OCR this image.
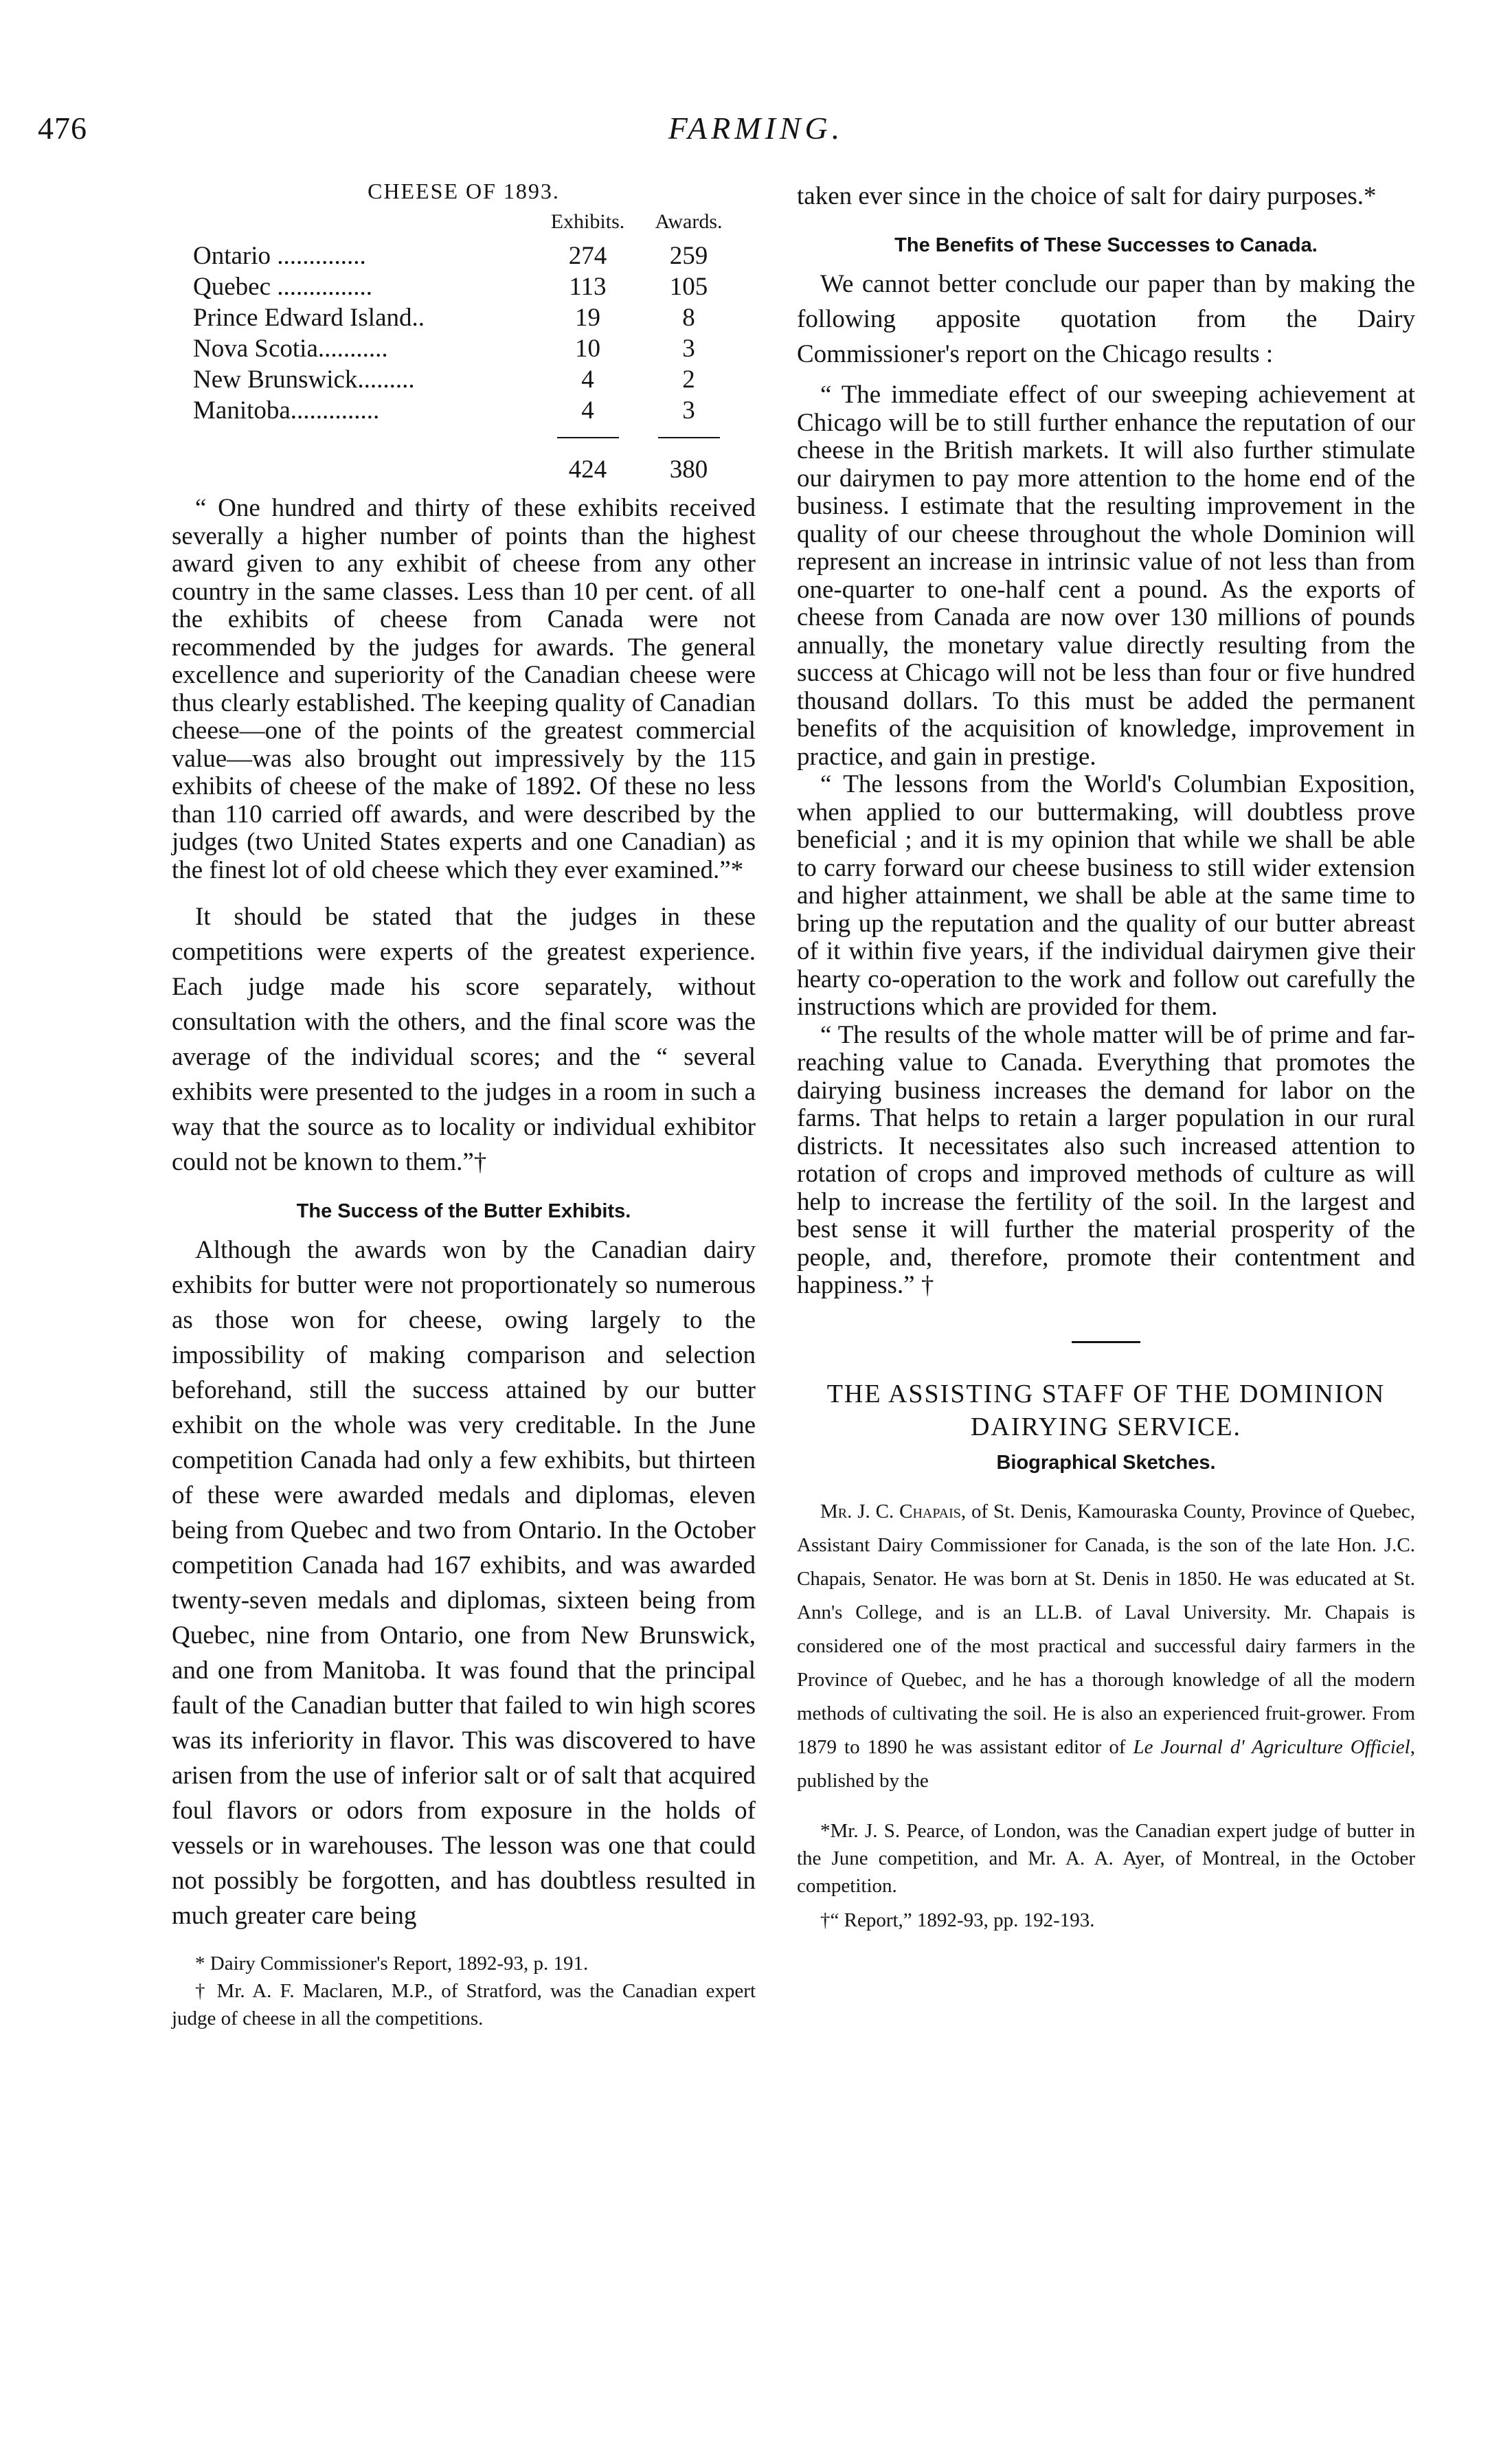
476	FARMING.
CHEESE OF 1893.
	Exhibits.	Awards.
Ontario ..............	274	259
Quebec ...............	113	105
Prince Edward Island..	19	8
Nova Scotia...........	10	3
New Brunswick.........	4	2
Manitoba..............	4	3

	424	380

“ One hundred and thirty of these exhibits received severally a higher number of points than the highest award given to any exhibit of cheese from any other country in the same classes. Less than 10 per cent. of all the exhibits of cheese from Canada were not recommended by the judges for awards. The general excellence and superiority of the Canadian cheese were thus clearly established. The keeping quality of Canadian cheese—one of the points of the greatest commercial value—was also brought out impressively by the 115 exhibits of cheese of the make of 1892. Of these no less than 110 carried off awards, and were described by the judges (two United States experts and one Canadian) as the finest lot of old cheese which they ever examined.”*

It should be stated that the judges in these competitions were experts of the greatest experience. Each judge made his score separately, without consultation with the others, and the final score was the average of the individual scores; and the “ several exhibits were presented to the judges in a room in such a way that the source as to locality or individual exhibitor could not be known to them.”†

The Success of the Butter Exhibits.

Although the awards won by the Canadian dairy exhibits for butter were not proportionately so numerous as those won for cheese, owing largely to the impossibility of making comparison and selection beforehand, still the success attained by our butter exhibit on the whole was very creditable. In the June competition Canada had only a few exhibits, but thirteen of these were awarded medals and diplomas, eleven being from Quebec and two from Ontario. In the October competition Canada had 167 exhibits, and was awarded twenty-seven medals and diplomas, sixteen being from Quebec, nine from Ontario, one from New Brunswick, and one from Manitoba. It was found that the principal fault of the Canadian butter that failed to win high scores was its inferiority in flavor. This was discovered to have arisen from the use of inferior salt or of salt that acquired foul flavors or odors from exposure in the holds of vessels or in warehouses. The lesson was one that could not possibly be forgotten, and has doubtless resulted in much greater care being

* Dairy Commissioner's Report, 1892-93, p. 191.

† Mr. A. F. Maclaren, M.P., of Stratford, was the Canadian expert judge of cheese in all the competitions.

taken ever since in the choice of salt for dairy purposes.*

The Benefits of These Successes to Canada.

We cannot better conclude our paper than by making the following apposite quotation from the Dairy Commissioner's report on the Chicago results :

“ The immediate effect of our sweeping achievement at Chicago will be to still further enhance the reputation of our cheese in the British markets. It will also further stimulate our dairymen to pay more attention to the home end of the business. I estimate that the resulting improvement in the quality of our cheese throughout the whole Dominion will represent an increase in intrinsic value of not less than from one-quarter to one-half cent a pound. As the exports of cheese from Canada are now over 130 millions of pounds annually, the monetary value directly resulting from the success at Chicago will not be less than four or five hundred thousand dollars. To this must be added the permanent benefits of the acquisition of knowledge, improvement in practice, and gain in prestige.

“ The lessons from the World's Columbian Exposition, when applied to our buttermaking, will doubtless prove beneficial ; and it is my opinion that while we shall be able to carry forward our cheese business to still wider extension and higher attainment, we shall be able at the same time to bring up the reputation and the quality of our butter abreast of it within five years, if the individual dairymen give their hearty co-operation to the work and follow out carefully the instructions which are provided for them.

“ The results of the whole matter will be of prime and far-reaching value to Canada. Everything that promotes the dairying business increases the demand for labor on the farms. That helps to retain a larger population in our rural districts. It necessitates also such increased attention to rotation of crops and improved methods of culture as will help to increase the fertility of the soil. In the largest and best sense it will further the material prosperity of the people, and, therefore, promote their contentment and happiness.” †

THE ASSISTING STAFF OF THE DOMINION DAIRYING SERVICE.

Biographical Sketches.

Mr. J. C. Chapais, of St. Denis, Kamouraska County, Province of Quebec, Assistant Dairy Commissioner for Canada, is the son of the late Hon. J.C. Chapais, Senator. He was born at St. Denis in 1850. He was educated at St. Ann's College, and is an LL.B. of Laval University. Mr. Chapais is considered one of the most practical and successful dairy farmers in the Province of Quebec, and he has a thorough knowledge of all the modern methods of cultivating the soil. He is also an experienced fruit-grower. From 1879 to 1890 he was assistant editor of Le Journal d' Agriculture Officiel, published by the

*Mr. J. S. Pearce, of London, was the Canadian expert judge of butter in the June competition, and Mr. A. A. Ayer, of Montreal, in the October competition.

†“ Report,” 1892-93, pp. 192-193.
